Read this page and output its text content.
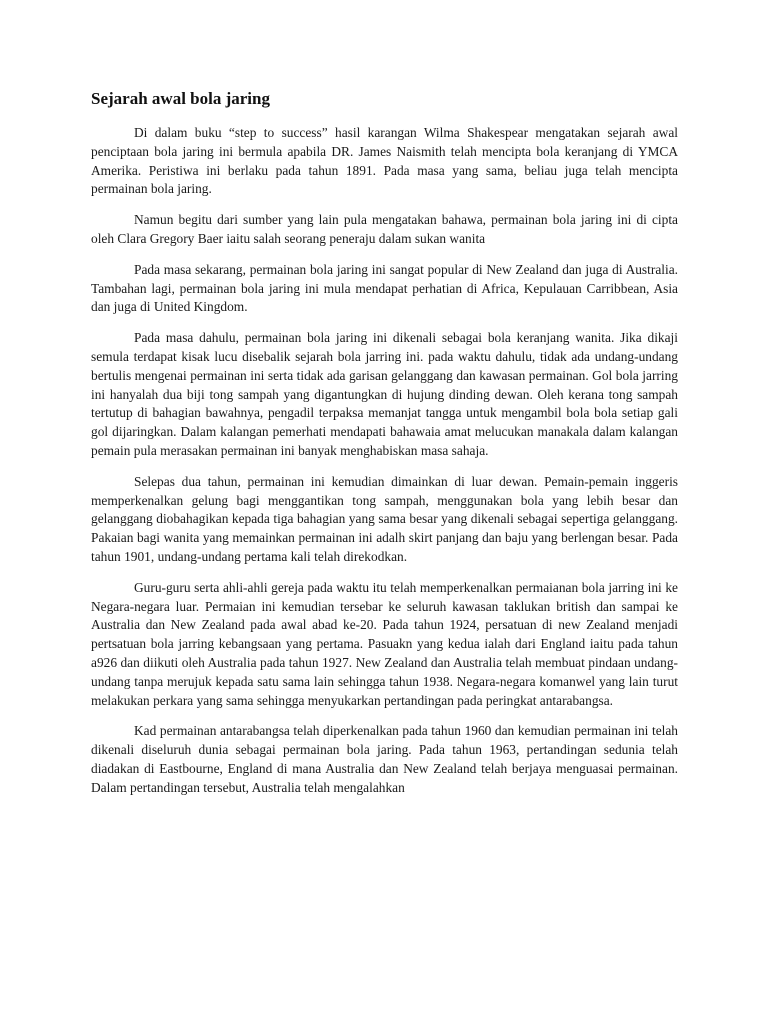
Sejarah awal bola jaring

Di dalam buku “step to success” hasil karangan Wilma Shakespear mengatakan sejarah awal penciptaan bola jaring ini bermula apabila DR. James Naismith telah mencipta bola keranjang di YMCA Amerika. Peristiwa ini berlaku pada tahun 1891. Pada masa yang sama, beliau juga telah mencipta permainan bola jaring.

Namun begitu dari sumber yang lain pula mengatakan bahawa, permainan bola jaring ini di cipta oleh Clara Gregory Baer iaitu salah seorang peneraju dalam sukan wanita

Pada masa sekarang, permainan bola jaring ini sangat popular di New Zealand dan juga di Australia. Tambahan lagi, permainan bola jaring ini mula mendapat perhatian di Africa, Kepulauan Carribbean, Asia dan juga di United Kingdom.

Pada masa dahulu, permainan bola jaring ini dikenali sebagai bola keranjang wanita. Jika dikaji semula terdapat kisak lucu disebalik sejarah bola jarring ini. pada waktu dahulu, tidak ada undang-undang bertulis mengenai permainan ini serta tidak ada garisan gelanggang dan kawasan permainan. Gol bola jarring ini hanyalah dua biji tong sampah yang digantungkan di hujung dinding dewan. Oleh kerana tong sampah tertutup di bahagian bawahnya, pengadil terpaksa memanjat tangga untuk mengambil bola bola setiap gali gol dijaringkan. Dalam kalangan pemerhati mendapati bahawaia amat melucukan manakala dalam kalangan pemain pula merasakan permainan ini banyak menghabiskan masa sahaja.

Selepas dua tahun, permainan ini kemudian dimainkan di luar dewan. Pemain-pemain inggeris memperkenalkan gelung bagi menggantikan tong sampah, menggunakan bola yang lebih besar dan gelanggang diobahagikan kepada tiga bahagian yang sama besar yang dikenali sebagai sepertiga gelanggang. Pakaian bagi wanita yang memainkan permainan ini adalh skirt panjang dan baju yang berlengan besar. Pada tahun 1901, undang-undang pertama kali telah direkodkan.

Guru-guru serta ahli-ahli gereja pada waktu itu telah memperkenalkan permaianan bola jarring ini ke Negara-negara luar. Permaian ini kemudian tersebar ke seluruh kawasan taklukan british dan sampai ke Australia dan New Zealand pada awal abad ke-20. Pada tahun 1924, persatuan di new Zealand menjadi pertsatuan bola jarring kebangsaan yang pertama. Pasuakn yang kedua ialah dari England iaitu pada tahun a926 dan diikuti oleh Australia pada tahun 1927. New Zealand dan Australia telah membuat pindaan undang-undang tanpa merujuk kepada satu sama lain sehingga tahun 1938. Negara-negara komanwel yang lain turut melakukan perkara yang sama sehingga menyukarkan pertandingan pada peringkat antarabangsa.

Kad permainan antarabangsa telah diperkenalkan pada tahun 1960 dan kemudian permainan ini telah dikenali diseluruh dunia sebagai permainan bola jaring. Pada tahun 1963, pertandingan sedunia telah diadakan di Eastbourne, England di mana Australia dan New Zealand telah berjaya menguasai permainan. Dalam pertandingan tersebut, Australia telah mengalahkan
